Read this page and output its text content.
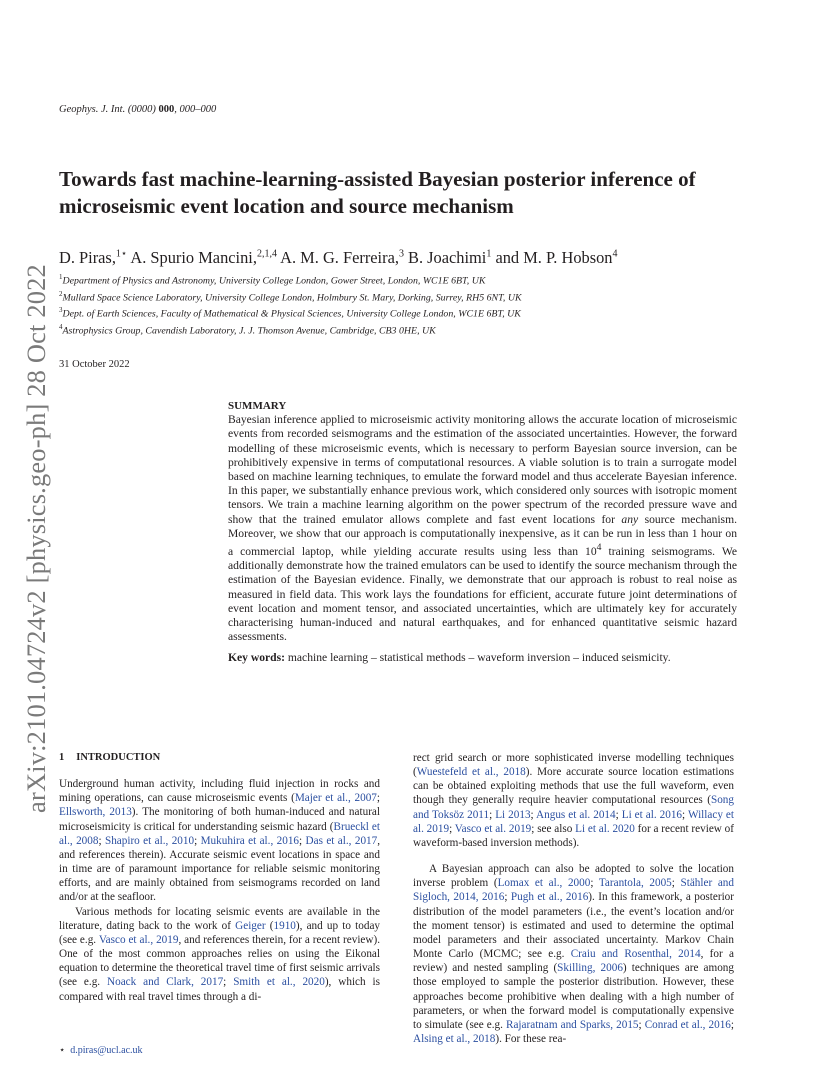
arXiv:2101.04724v2 [physics.geo-ph] 28 Oct 2022
Geophys. J. Int. (0000) 000, 000–000
Towards fast machine-learning-assisted Bayesian posterior inference of microseismic event location and source mechanism
D. Piras,$^{1⋆}$ A. Spurio Mancini,$^{2,1,4}$ A. M. G. Ferreira,$^3$ B. Joachimi$^1$ and M. P. Hobson$^4$
$^1$Department of Physics and Astronomy, University College London, Gower Street, London, WC1E 6BT, UK
$^2$Mullard Space Science Laboratory, University College London, Holmbury St. Mary, Dorking, Surrey, RH5 6NT, UK
$^3$Dept. of Earth Sciences, Faculty of Mathematical & Physical Sciences, University College London, WC1E 6BT, UK
$^4$Astrophysics Group, Cavendish Laboratory, J. J. Thomson Avenue, Cambridge, CB3 0HE, UK
31 October 2022
SUMMARY

Bayesian inference applied to microseismic activity monitoring allows the accurate location of microseismic events from recorded seismograms and the estimation of the associated uncertainties. However, the forward modelling of these microseismic events, which is necessary to perform Bayesian source inversion, can be prohibitively expensive in terms of computational resources. A viable solution is to train a surrogate model based on machine learning techniques, to emulate the forward model and thus accelerate Bayesian inference. In this paper, we substantially enhance previous work, which considered only sources with isotropic moment tensors. We train a machine learning algorithm on the power spectrum of the recorded pressure wave and show that the trained emulator allows complete and fast event locations for any source mechanism. Moreover, we show that our approach is computationally inexpensive, as it can be run in less than 1 hour on a commercial laptop, while yielding accurate results using less than $10^4$ training seismograms. We additionally demonstrate how the trained emulators can be used to identify the source mechanism through the estimation of the Bayesian evidence. Finally, we demonstrate that our approach is robust to real noise as measured in field data. This work lays the foundations for efficient, accurate future joint determinations of event location and moment tensor, and associated uncertainties, which are ultimately key for accurately characterising human-induced and natural earthquakes, and for enhanced quantitative seismic hazard assessments.

Key words: machine learning – statistical methods – waveform inversion – induced seismicity.
1 INTRODUCTION

Underground human activity, including fluid injection in rocks and mining operations, can cause microseismic events (Majer et al., 2007; Ellsworth, 2013). The monitoring of both human-induced and natural microseismicity is critical for understanding seismic hazard (Brueckl et al., 2008; Shapiro et al., 2010; Mukuhira et al., 2016; Das et al., 2017, and references therein). Accurate seismic event locations in space and in time are of paramount importance for reliable seismic monitoring efforts, and are mainly obtained from seismograms recorded on land and/or at the seafloor.

Various methods for locating seismic events are available in the literature, dating back to the work of Geiger (1910), and up to today (see e.g. Vasco et al., 2019, and references therein, for a recent review). One of the most common approaches relies on using the Eikonal equation to determine the theoretical travel time of first seismic arrivals (see e.g. Noack and Clark, 2017; Smith et al., 2020), which is compared with real travel times through a di-

rect grid search or more sophisticated inverse modelling techniques (Wuestefeld et al., 2018). More accurate source location estimations can be obtained exploiting methods that use the full waveform, even though they generally require heavier computational resources (Song and Toksöz 2011; Li 2013; Angus et al. 2014; Li et al. 2016; Willacy et al. 2019; Vasco et al. 2019; see also Li et al. 2020 for a recent review of waveform-based inversion methods).

A Bayesian approach can also be adopted to solve the location inverse problem (Lomax et al., 2000; Tarantola, 2005; Stähler and Sigloch, 2014, 2016; Pugh et al., 2016). In this framework, a posterior distribution of the model parameters (i.e., the event’s location and/or the moment tensor) is estimated and used to determine the optimal model parameters and their associated uncertainty. Markov Chain Monte Carlo (MCMC; see e.g. Craiu and Rosenthal, 2014, for a review) and nested sampling (Skilling, 2006) techniques are among those employed to sample the posterior distribution. However, these approaches become prohibitive when dealing with a high number of parameters, or when the forward model is computationally expensive to simulate (see e.g. Rajaratnam and Sparks, 2015; Conrad et al., 2016; Alsing et al., 2018). For these rea-

⋆ d.piras@ucl.ac.uk
